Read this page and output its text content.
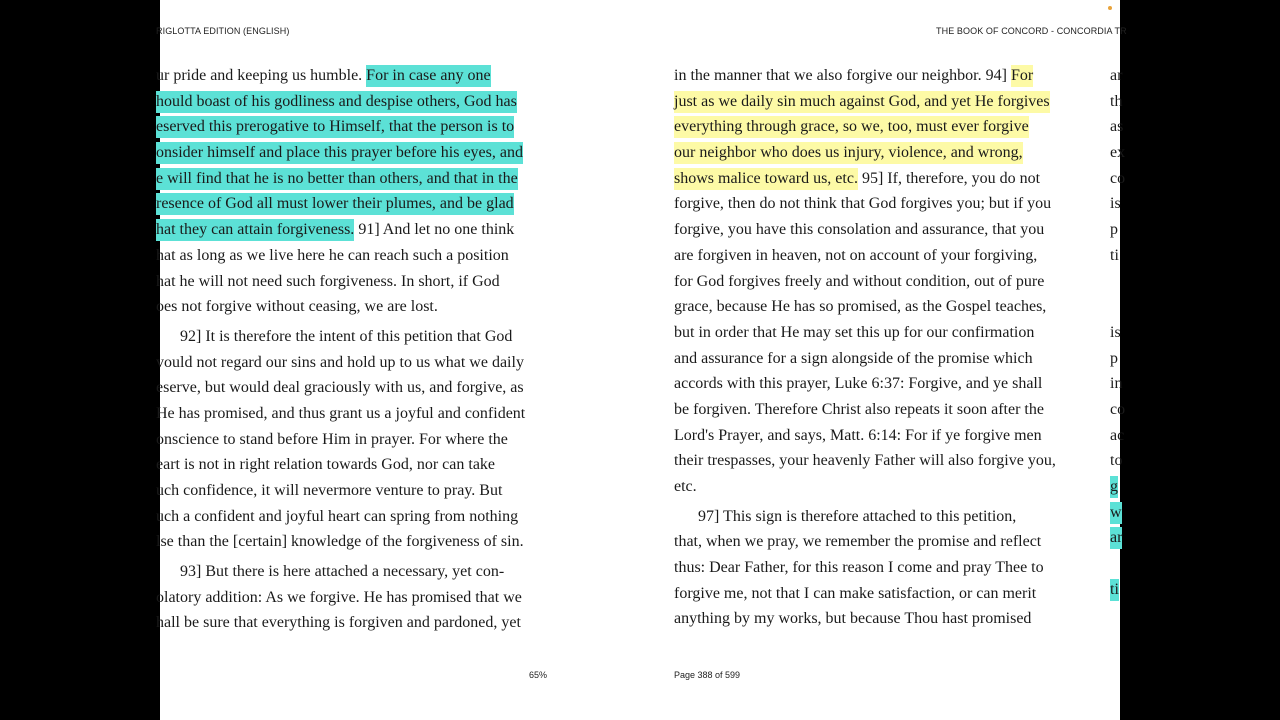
RIGLOTTA EDITION (ENGLISH)	THE BOOK OF CONCORD - CONCORDIA TR
ur pride and keeping us humble. For in case any one
hould boast of his godliness and despise others, God has
eserved this prerogative to Himself, that the person is to
onsider himself and place this prayer before his eyes, and
e will find that he is no better than others, and that in the
resence of God all must lower their plumes, and be glad
hat they can attain forgiveness. 91] And let no one think
hat as long as we live here he can reach such a position
hat he will not need such forgiveness. In short, if God
oes not forgive without ceasing, we are lost.
92] It is therefore the intent of this petition that God
vould not regard our sins and hold up to us what we daily
eserve, but would deal graciously with us, and forgive, as
He has promised, and thus grant us a joyful and confident
onscience to stand before Him in prayer. For where the
eart is not in right relation towards God, nor can take
uch confidence, it will nevermore venture to pray. But
uch a confident and joyful heart can spring from nothing
lse than the [certain] knowledge of the forgiveness of sin.
93] But there is here attached a necessary, yet con-
olatory addition: As we forgive. He has promised that we
hall be sure that everything is forgiven and pardoned, yet
in the manner that we also forgive our neighbor. 94] For
just as we daily sin much against God, and yet He forgives
everything through grace, so we, too, must ever forgive
our neighbor who does us injury, violence, and wrong,
shows malice toward us, etc. 95] If, therefore, you do not
forgive, then do not think that God forgives you; but if you
forgive, you have this consolation and assurance, that you
are forgiven in heaven, not on account of your forgiving,
for God forgives freely and without condition, out of pure
grace, because He has so promised, as the Gospel teaches,
but in order that He may set this up for our confirmation
and assurance for a sign alongside of the promise which
accords with this prayer, Luke 6:37: Forgive, and ye shall
be forgiven. Therefore Christ also repeats it soon after the
Lord's Prayer, and says, Matt. 6:14: For if ye forgive men
their trespasses, your heavenly Father will also forgive you,
etc.
97] This sign is therefore attached to this petition,
that, when we pray, we remember the promise and reflect
thus: Dear Father, for this reason I come and pray Thee to
forgive me, not that I can make satisfaction, or can merit
anything by my works, but because Thou hast promised
ar
th
as
ex
co
is
p
ti
is
p
in
co
ac
to
g
w
ar
ti
65%	Page 388 of 599
